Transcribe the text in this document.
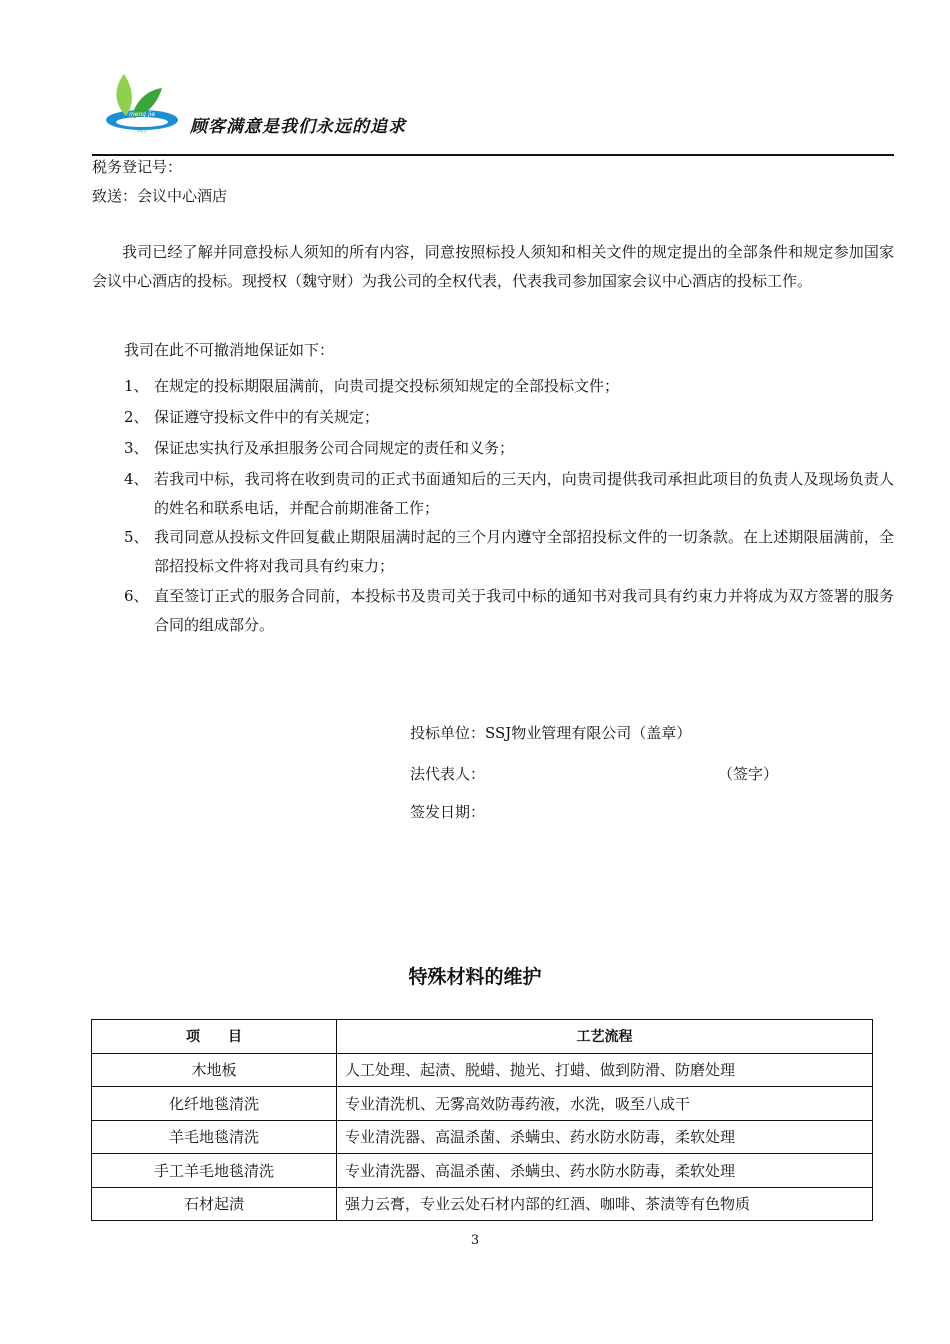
meng jie
萌洁	顾客满意是我们永远的追求
税务登记号：
致送：会议中心酒店
我司已经了解并同意投标人须知的所有内容，同意按照标投人须知和相关文件的规定提出的全部条件和规定参加国家会议中心酒店的投标。现授权（魏守财）为我公司的全权代表，代表我司参加国家会议中心酒店的投标工作。
我司在此不可撤消地保证如下：
1、 在规定的投标期限届满前，向贵司提交投标须知规定的全部投标文件；
2、 保证遵守投标文件中的有关规定；
3、 保证忠实执行及承担服务公司合同规定的责任和义务；
4、 若我司中标，我司将在收到贵司的正式书面通知后的三天内，向贵司提供我司承担此项目的负责人及现场负责人的姓名和联系电话，并配合前期准备工作；
5、 我司同意从投标文件回复截止期限届满时起的三个月内遵守全部招投标文件的一切条款。在上述期限届满前，全部招投标文件将对我司具有约束力；
6、 直至签订正式的服务合同前，本投标书及贵司关于我司中标的通知书对我司具有约束力并将成为双方签署的服务合同的组成部分。
投标单位：SSJ物业管理有限公司（盖章）
法代表人：	（签字）
签发日期：
特殊材料的维护
项　　目	工艺流程
木地板	人工处理、起渍、脱蜡、抛光、打蜡、做到防滑、防磨处理
化纤地毯清洗	专业清洗机、无雾高效防毒药液，水洗，吸至八成干
羊毛地毯清洗	专业清洗器、高温杀菌、杀螨虫、药水防水防毒，柔软处理
手工羊毛地毯清洗	专业清洗器、高温杀菌、杀螨虫、药水防水防毒，柔软处理
石材起渍	强力云膏，专业云处石材内部的红酒、咖啡、茶渍等有色物质
3
